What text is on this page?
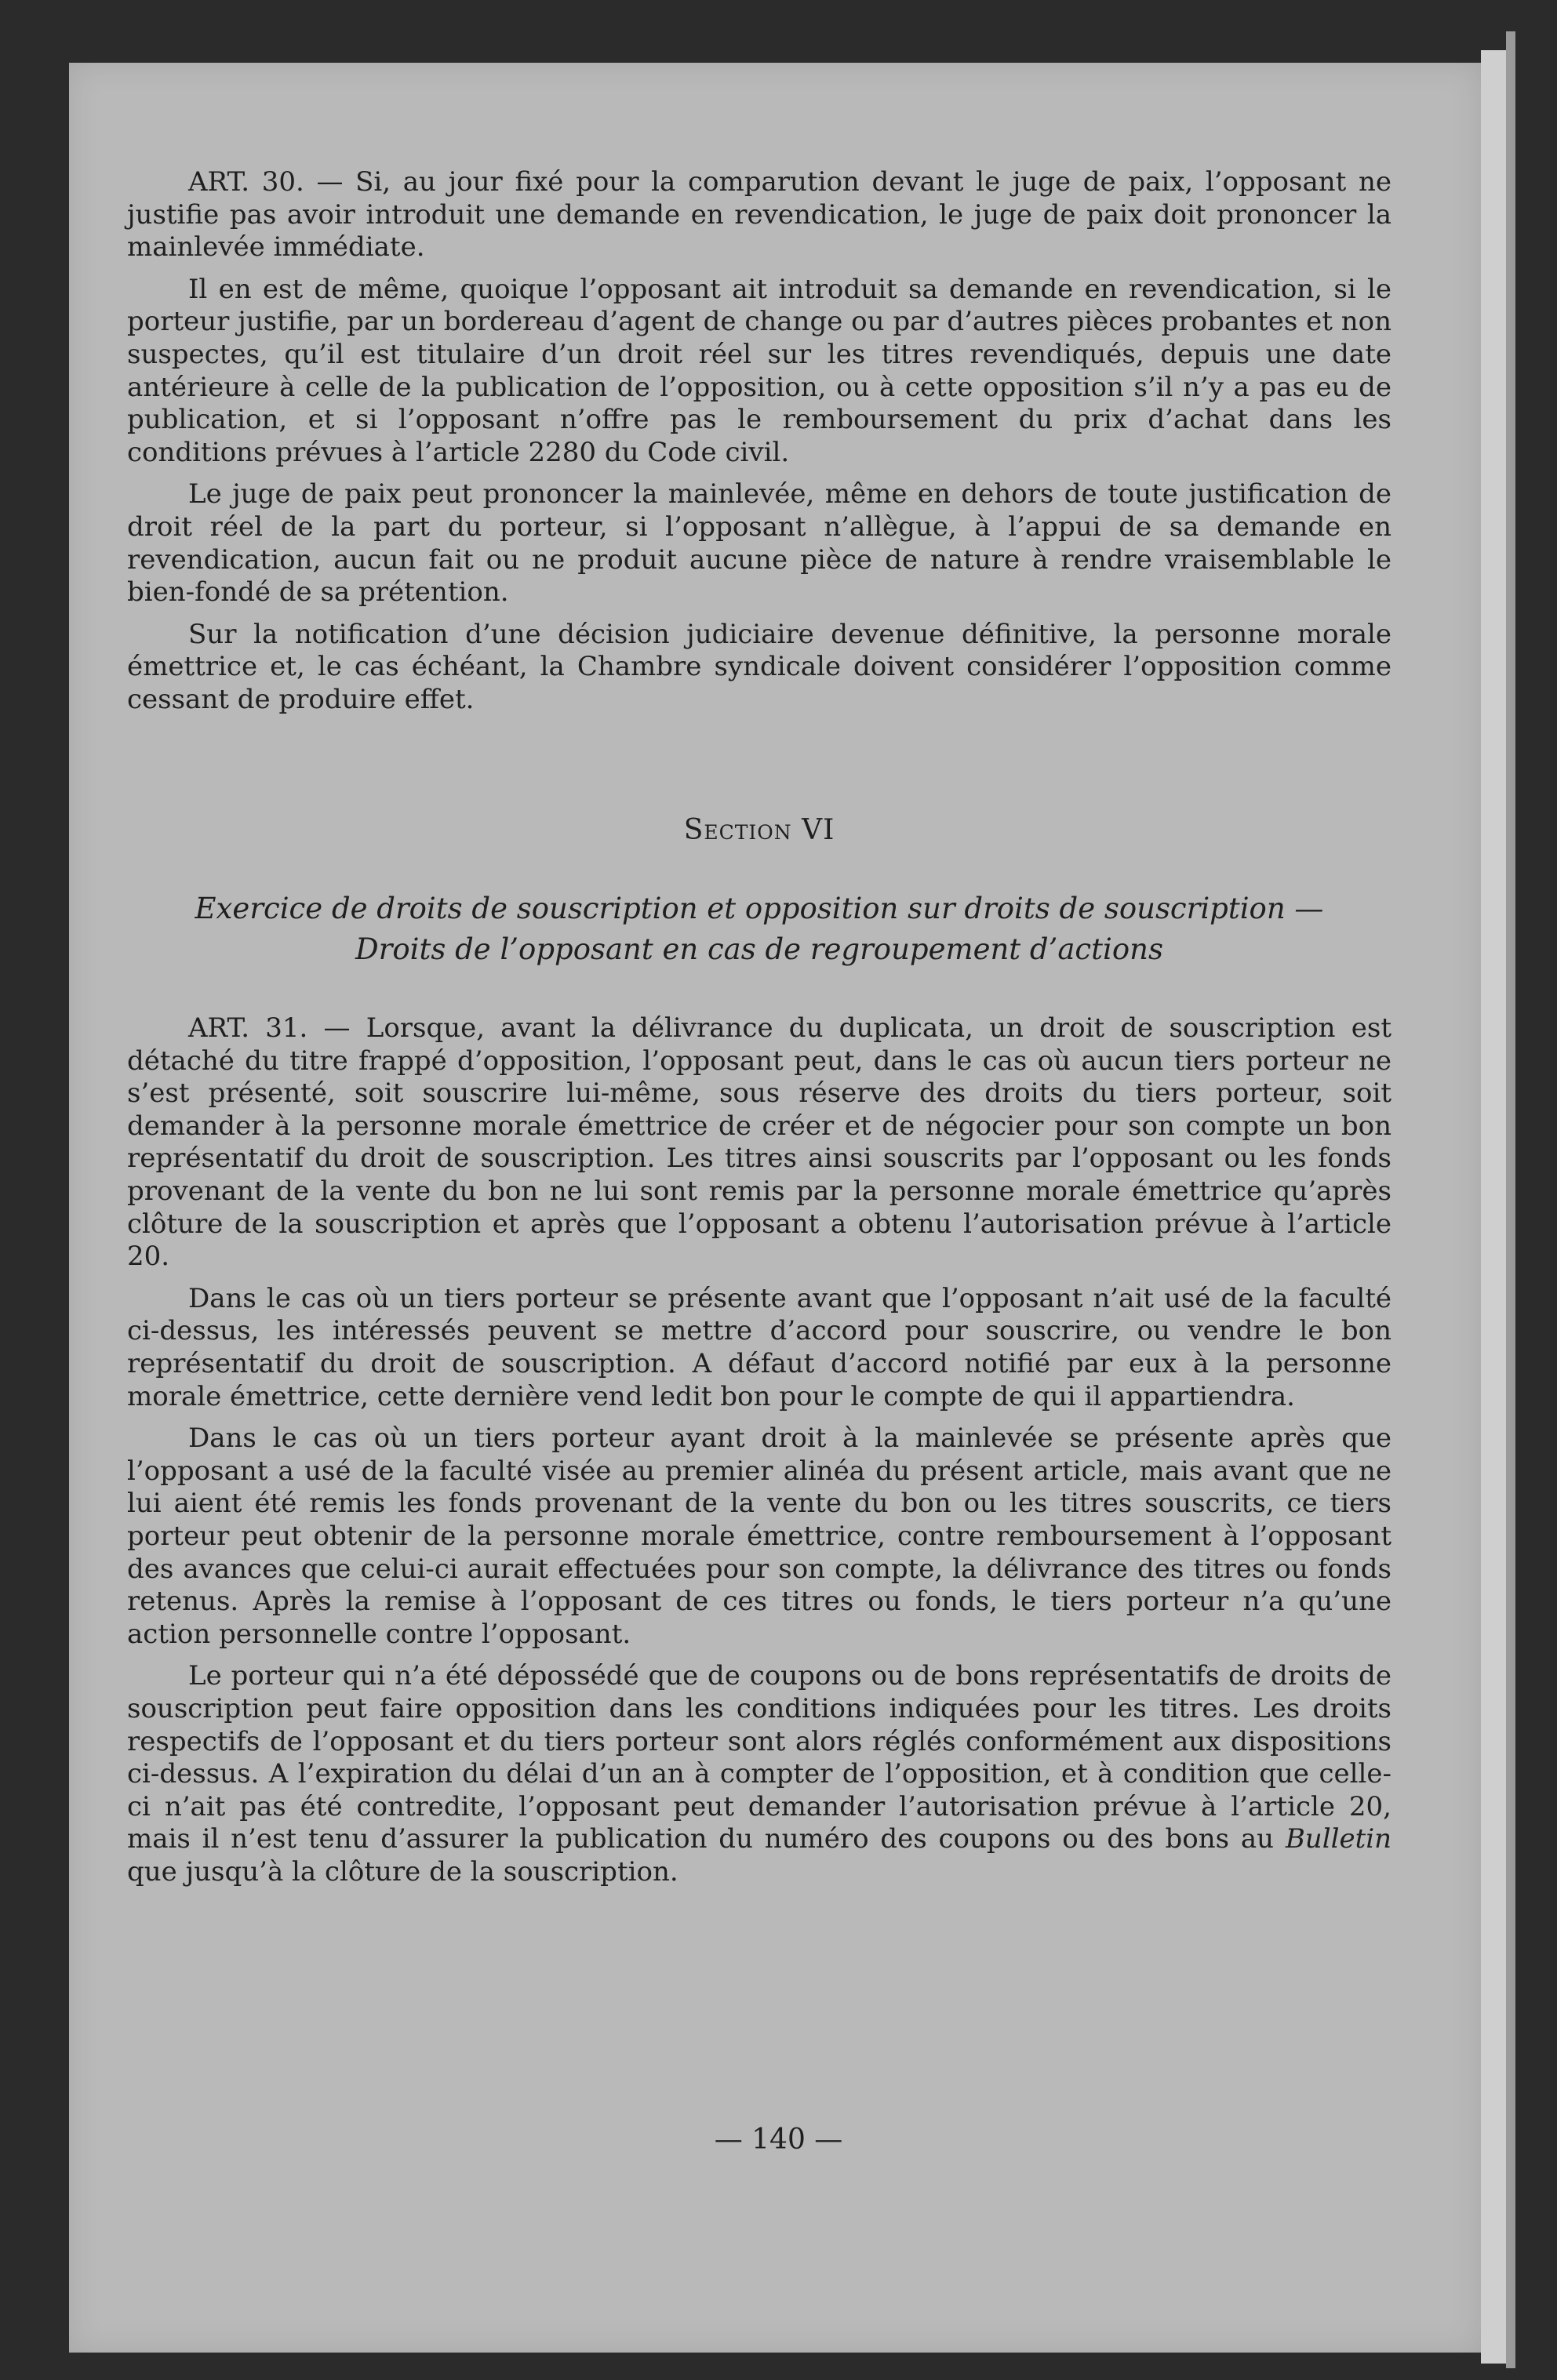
ART. 30. — Si, au jour fixé pour la comparution devant le juge de paix, l’opposant ne justifie pas avoir introduit une demande en revendication, le juge de paix doit prononcer la mainlevée immédiate.

Il en est de même, quoique l’opposant ait introduit sa demande en revendication, si le porteur justifie, par un bordereau d’agent de change ou par d’autres pièces probantes et non suspectes, qu’il est titulaire d’un droit réel sur les titres revendiqués, depuis une date antérieure à celle de la publication de l’opposition, ou à cette opposition s’il n’y a pas eu de publication, et si l’opposant n’offre pas le remboursement du prix d’achat dans les conditions prévues à l’article 2280 du Code civil.

Le juge de paix peut prononcer la mainlevée, même en dehors de toute justification de droit réel de la part du porteur, si l’opposant n’allègue, à l’appui de sa demande en revendication, aucun fait ou ne produit aucune pièce de nature à rendre vraisemblable le bien-fondé de sa prétention.

Sur la notification d’une décision judiciaire devenue définitive, la personne morale émettrice et, le cas échéant, la Chambre syndicale doivent considérer l’opposition comme cessant de produire effet.

Section VI
Exercice de droits de souscription et opposition sur droits de souscription —
Droits de l’opposant en cas de regroupement d’actions

ART. 31. — Lorsque, avant la délivrance du duplicata, un droit de souscription est détaché du titre frappé d’opposition, l’opposant peut, dans le cas où aucun tiers porteur ne s’est présenté, soit souscrire lui-même, sous réserve des droits du tiers porteur, soit demander à la personne morale émettrice de créer et de négocier pour son compte un bon représentatif du droit de souscription. Les titres ainsi souscrits par l’opposant ou les fonds provenant de la vente du bon ne lui sont remis par la personne morale émettrice qu’après clôture de la souscription et après que l’opposant a obtenu l’autorisation prévue à l’article 20.

Dans le cas où un tiers porteur se présente avant que l’opposant n’ait usé de la faculté ci-dessus, les intéressés peuvent se mettre d’accord pour souscrire, ou vendre le bon représentatif du droit de souscription. A défaut d’accord notifié par eux à la personne morale émettrice, cette dernière vend ledit bon pour le compte de qui il appartiendra.

Dans le cas où un tiers porteur ayant droit à la mainlevée se présente après que l’opposant a usé de la faculté visée au premier alinéa du présent article, mais avant que ne lui aient été remis les fonds provenant de la vente du bon ou les titres souscrits, ce tiers porteur peut obtenir de la personne morale émettrice, contre remboursement à l’opposant des avances que celui-ci aurait effectuées pour son compte, la délivrance des titres ou fonds retenus. Après la remise à l’opposant de ces titres ou fonds, le tiers porteur n’a qu’une action personnelle contre l’opposant.

Le porteur qui n’a été dépossédé que de coupons ou de bons représentatifs de droits de souscription peut faire opposition dans les conditions indiquées pour les titres. Les droits respectifs de l’opposant et du tiers porteur sont alors réglés conformément aux dispositions ci-dessus. A l’expiration du délai d’un an à compter de l’opposition, et à condition que celle-ci n’ait pas été contredite, l’opposant peut demander l’autorisation prévue à l’article 20, mais il n’est tenu d’assurer la publication du numéro des coupons ou des bons au Bulletin que jusqu’à la clôture de la souscription.

— 140 —
